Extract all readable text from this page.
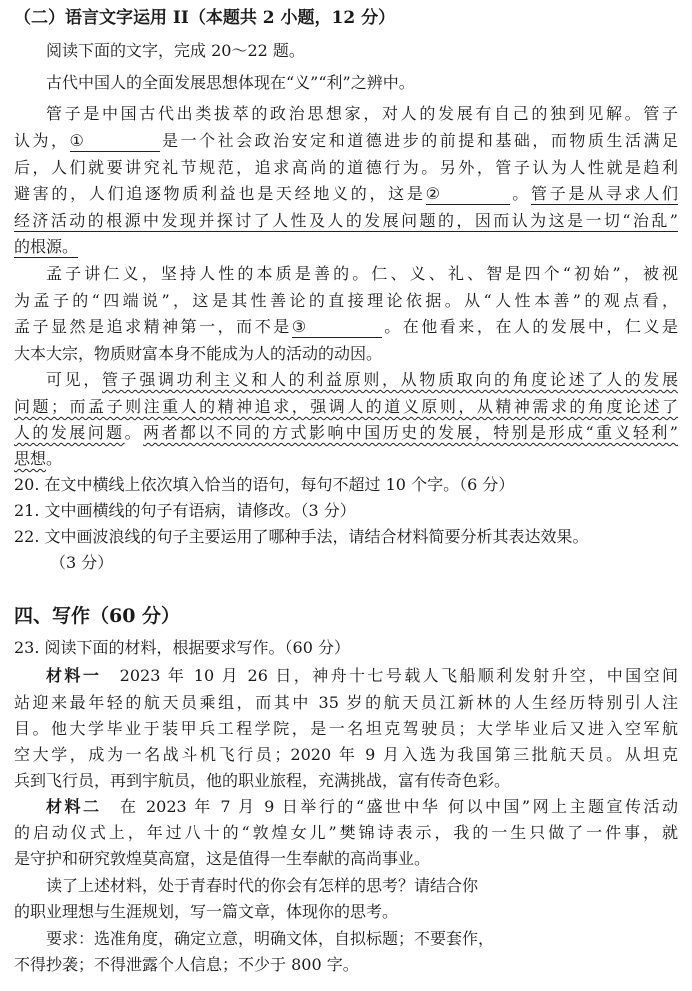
（二）语言文字运用 II（本题共 2 小题，12 分）
阅读下面的文字，完成 20～22 题。
古代中国人的全面发展思想体现在“义”“利”之辨中。
管子是中国古代出类拔萃的政治思想家，对人的发展有自己的独到见解。管子
认为，①	是一个社会政治安定和道德进步的前提和基础，而物质生活满足
后，人们就要讲究礼节规范，追求高尚的道德行为。另外，管子认为人性就是趋利
避害的，人们追逐物质利益也是天经地义的，这是②	。管子是从寻求人们
经济活动的根源中发现并探讨了人性及人的发展问题的，因而认为这是一切“治乱”
的根源。
孟子讲仁义，坚持人性的本质是善的。仁、义、礼、智是四个“初始”，被视
为孟子的“四端说”，这是其性善论的直接理论依据。从“人性本善”的观点看，
孟子显然是追求精神第一，而不是③	。在他看来，在人的发展中，仁义是
大本大宗，物质财富本身不能成为人的活动的动因。
可见，管子强调功利主义和人的利益原则，从物质取向的角度论述了人的发展
问题；而孟子则注重人的精神追求，强调人的道义原则，从精神需求的角度论述了
人的发展问题。两者都以不同的方式影响中国历史的发展，特别是形成“重义轻利”
思想。
20. 在文中横线上依次填入恰当的语句，每句不超过 10 个字。（6 分）
21. 文中画横线的句子有语病，请修改。（3 分）
22. 文中画波浪线的句子主要运用了哪种手法，请结合材料简要分析其表达效果。
（3 分）
四、写作（60 分）
23. 阅读下面的材料，根据要求写作。（60 分）
材料一　 2023 年 10 月 26 日，神舟十七号载人飞船顺利发射升空，中国空间
站迎来最年轻的航天员乘组，而其中 35 岁的航天员江新林的人生经历特别引人注
目。他大学毕业于装甲兵工程学院，是一名坦克驾驶员；大学毕业后又进入空军航
空大学，成为一名战斗机飞行员；2020 年 9 月入选为我国第三批航天员。从坦克
兵到飞行员，再到宇航员，他的职业旅程，充满挑战，富有传奇色彩。
材料二　 在 2023 年 7 月 9 日举行的“盛世中华 何以中国”网上主题宣传活动
的启动仪式上，年过八十的“敦煌女儿”樊锦诗表示，我的一生只做了一件事，就
是守护和研究敦煌莫高窟，这是值得一生奉献的高尚事业。
读了上述材料，处于青春时代的你会有怎样的思考？请结合你
的职业理想与生涯规划，写一篇文章，体现你的思考。
要求：选准角度，确定立意，明确文体，自拟标题；不要套作，
不得抄袭；不得泄露个人信息；不少于 800 字。
